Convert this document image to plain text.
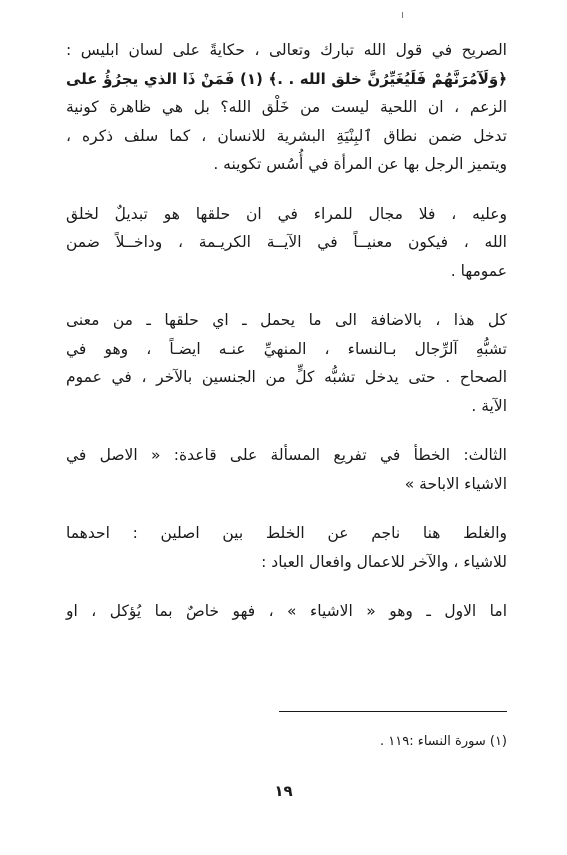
الصريح في قول الله تبارك وتعالى ، حكايةً على لسان ابليس :
﴿وَلَآمُرَنَّهُمْ فَلَيُغَيِّرُنَّ خلق الله . .﴾ (١) فَمَنْ ذَا الذي يجرُؤُ على
الزعم ، ان اللحية ليست من خَلْق الله؟ بل هي ظاهرة كونية
تدخل ضمن نطاق ٱلبِنْيَةِ البشرية للانسان ، كما سلف ذكره ،
ويتميز الرجل بها عن المرأة في أُسُس تكوينه .

وعليه ، فلا مجال للمراء في ان حلقها هو تبديلٌ لخلق
الله ، فيكون معنيــاً في الآيــة الكريـمة ، وداخــلاً ضمن
عمومها .

كل هذا ، بالاضافة الى ما يحمل ـ اي حلقها ـ من معنى
تشبُّهِ آلرِّجال بـالنساء ، المنهيِّ عنـه ايضـاً ، وهو في
الصحاح . حتى يدخل تشبُّه كلٍّ من الجنسين بالآخر ، في عموم
الآية .

الثالث: الخطأ في تفريع المسألة على قاعدة: « الاصل في
الاشياء الاباحة »

والغلط هنا ناجم عن الخلط بين اصلين : احدهما
للاشياء ، والآخر للاعمال وافعال العباد :

اما الاول ـ وهو « الاشياء » ، فهو خاصٌ بما يُؤكل ، او

(١) سورة النساء :١١٩ .
١٩
